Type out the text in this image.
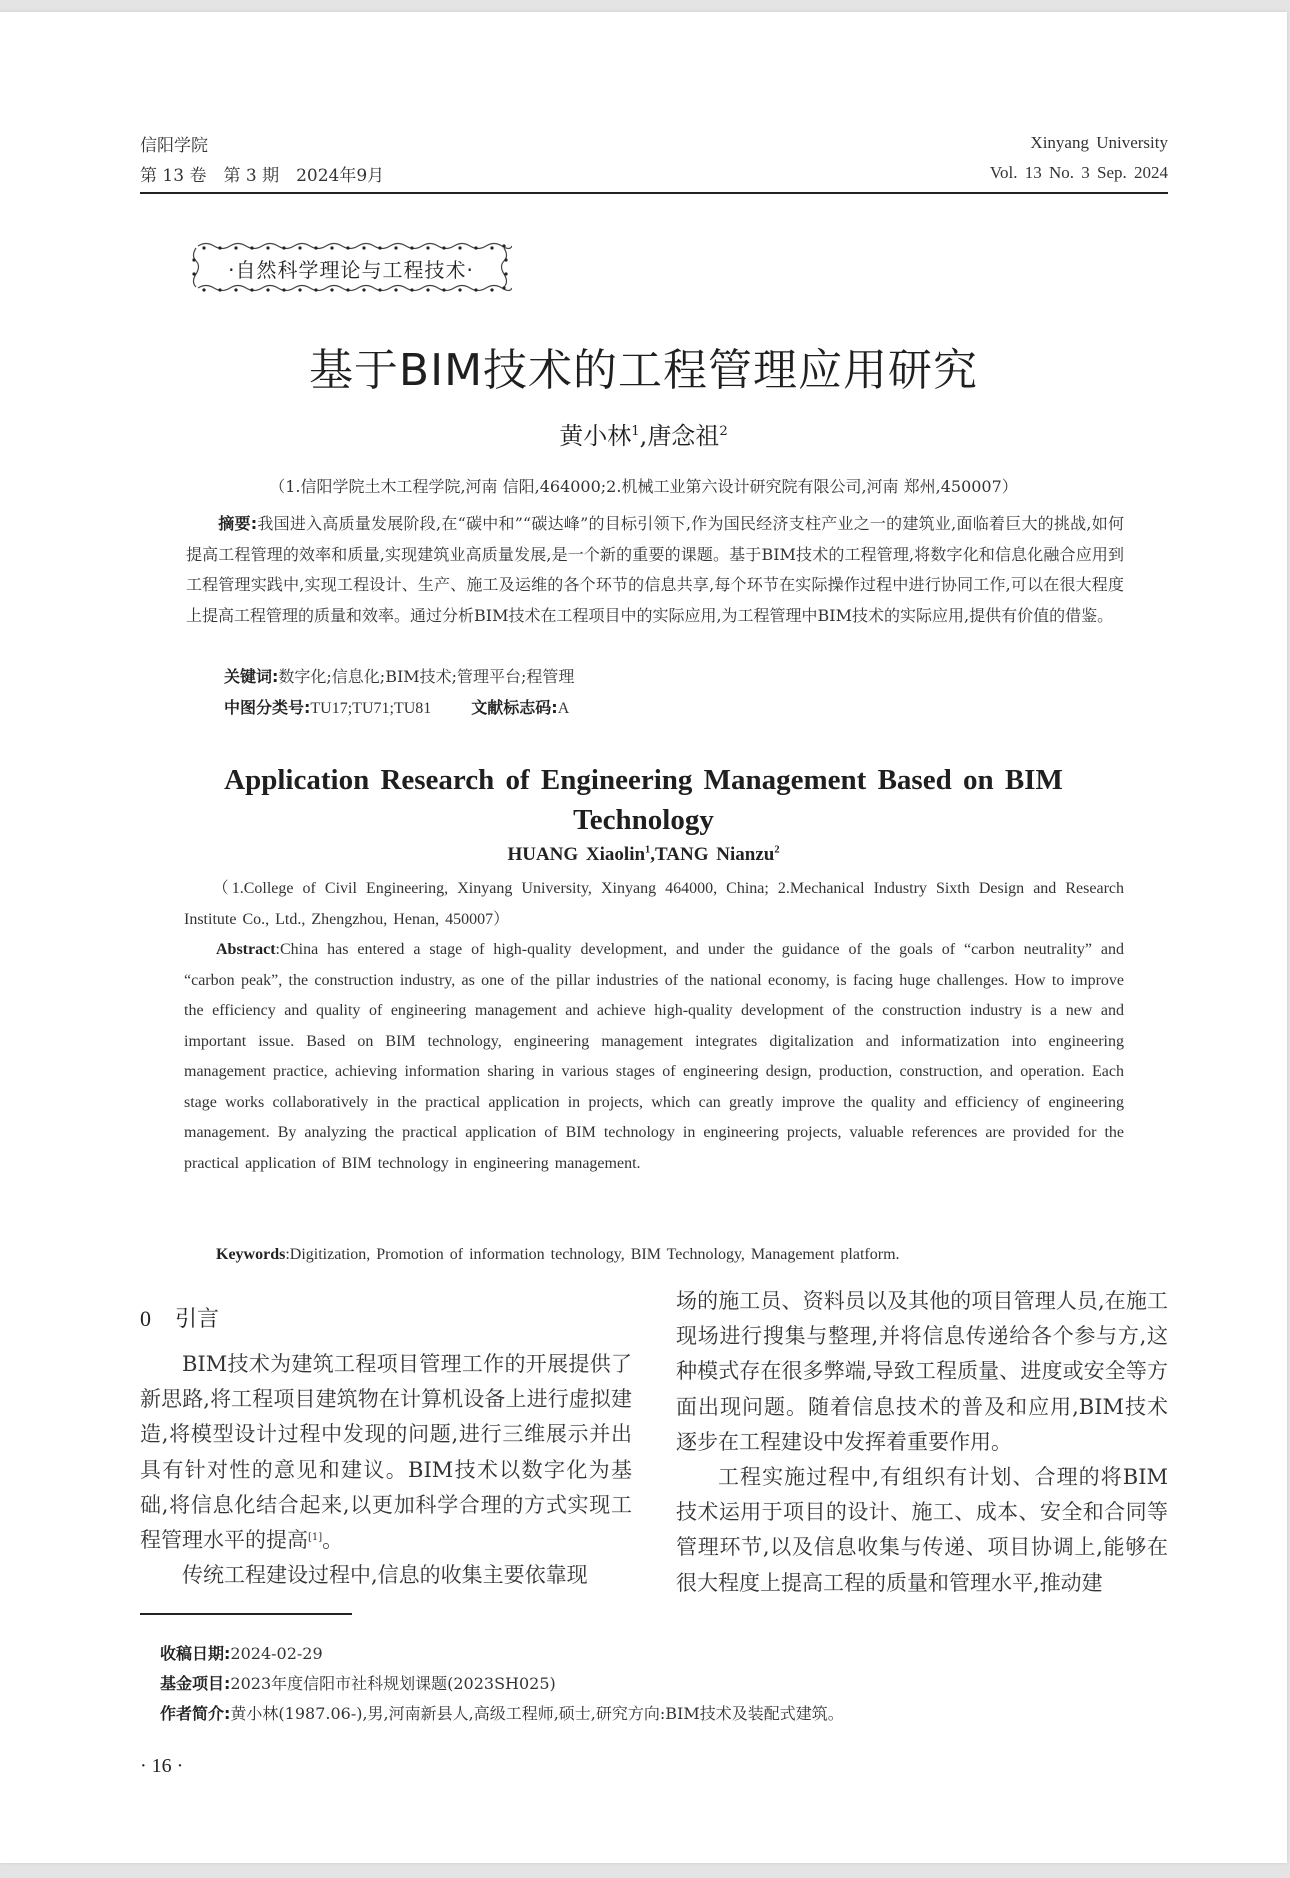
信阳学院
第 13 卷　第 3 期　2024年9月
Xinyang University
Vol. 13 No. 3 Sep. 2024
·自然科学理论与工程技术·
基于BIM技术的工程管理应用研究
黄小林$^1$,唐念祖$^2$
（1.信阳学院土木工程学院,河南 信阳,464000;2.机械工业第六设计研究院有限公司,河南 郑州,450007）
摘要:我国进入高质量发展阶段,在“碳中和”“碳达峰”的目标引领下,作为国民经济支柱产业之一的建筑业,面临着巨大的挑战,如何提高工程管理的效率和质量,实现建筑业高质量发展,是一个新的重要的课题。基于BIM技术的工程管理,将数字化和信息化融合应用到工程管理实践中,实现工程设计、生产、施工及运维的各个环节的信息共享,每个环节在实际操作过程中进行协同工作,可以在很大程度上提高工程管理的质量和效率。通过分析BIM技术在工程项目中的实际应用,为工程管理中BIM技术的实际应用,提供有价值的借鉴。
关键词:数字化;信息化;BIM技术;管理平台;程管理
中图分类号:TU17;TU71;TU81	文献标志码:A
Application Research of Engineering Management Based on BIM Technology
HUANG Xiaolin$^1$,TANG Nianzu$^2$
（1.College of Civil Engineering, Xinyang University, Xinyang 464000, China; 2.Mechanical Industry Sixth Design and Research Institute Co., Ltd., Zhengzhou, Henan, 450007）
Abstract:China has entered a stage of high-quality development, and under the guidance of the goals of “carbon neutrality” and “carbon peak”, the construction industry, as one of the pillar industries of the national economy, is facing huge challenges. How to improve the efficiency and quality of engineering management and achieve high-quality development of the construction industry is a new and important issue. Based on BIM technology, engineering management integrates digitalization and informatization into engineering management practice, achieving information sharing in various stages of engineering design, production, construction, and operation. Each stage works collaboratively in the practical application in projects, which can greatly improve the quality and efficiency of engineering management. By analyzing the practical application of BIM technology in engineering projects, valuable references are provided for the practical application of BIM technology in engineering management.
Keywords:Digitization, Promotion of information technology, BIM Technology, Management platform.
0 引言

BIM技术为建筑工程项目管理工作的开展提供了新思路,将工程项目建筑物在计算机设备上进行虚拟建造,将模型设计过程中发现的问题,进行三维展示并出具有针对性的意见和建议。BIM技术以数字化为基础,将信息化结合起来,以更加科学合理的方式实现工程管理水平的提高[1]。

传统工程建设过程中,信息的收集主要依靠现

场的施工员、资料员以及其他的项目管理人员,在施工现场进行搜集与整理,并将信息传递给各个参与方,这种模式存在很多弊端,导致工程质量、进度或安全等方面出现问题。随着信息技术的普及和应用,BIM技术逐步在工程建设中发挥着重要作用。

工程实施过程中,有组织有计划、合理的将BIM技术运用于项目的设计、施工、成本、安全和合同等管理环节,以及信息收集与传递、项目协调上,能够在很大程度上提高工程的质量和管理水平,推动建

收稿日期:2024-02-29
基金项目:2023年度信阳市社科规划课题(2023SH025)
作者简介:黄小林(1987.06-),男,河南新县人,高级工程师,硕士,研究方向:BIM技术及装配式建筑。
· 16 ·
